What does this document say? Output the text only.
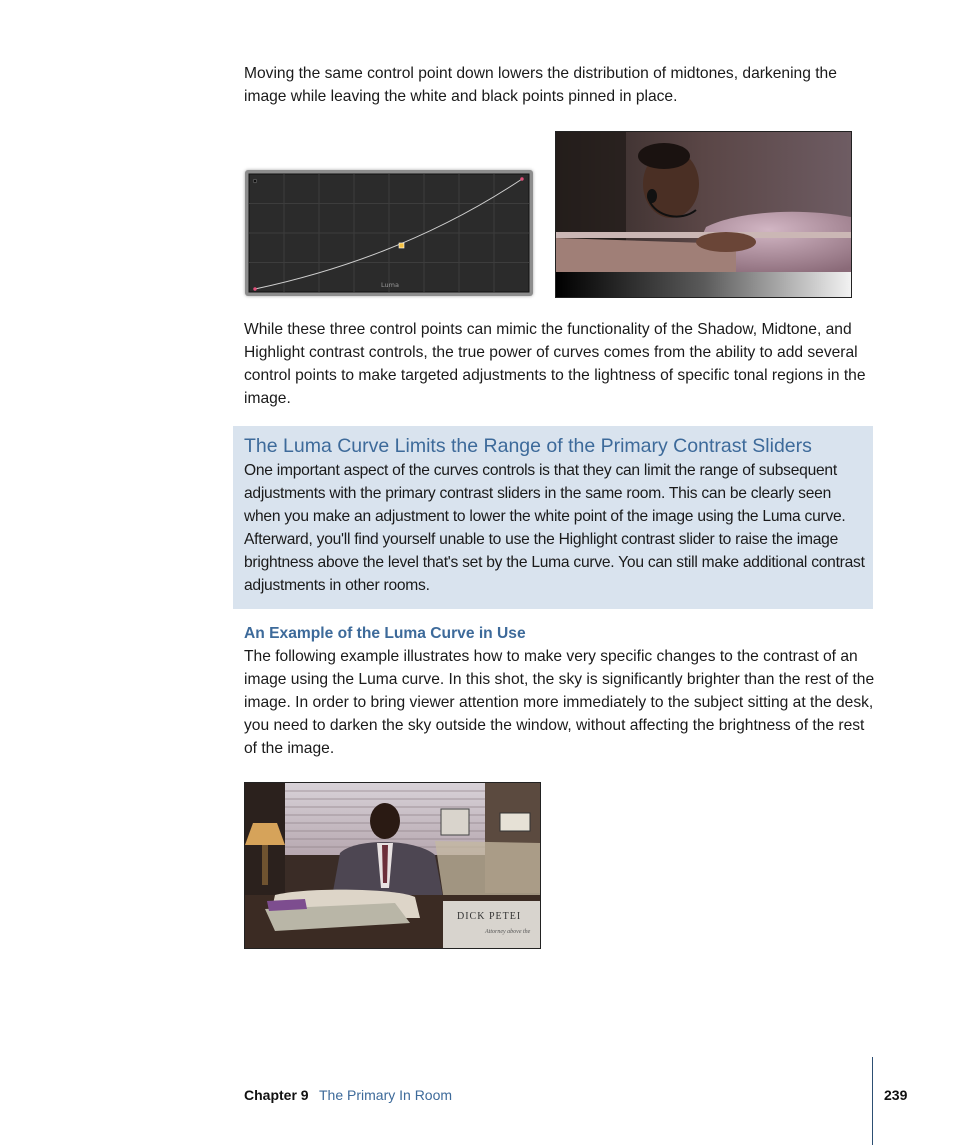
Moving the same control point down lowers the distribution of midtones, darkening the image while leaving the white and black points pinned in place.

Luma

While these three control points can mimic the functionality of the Shadow, Midtone, and Highlight contrast controls, the true power of curves comes from the ability to add several control points to make targeted adjustments to the lightness of specific tonal regions in the image.

The Luma Curve Limits the Range of the Primary Contrast Sliders

One important aspect of the curves controls is that they can limit the range of subsequent adjustments with the primary contrast sliders in the same room. This can be clearly seen when you make an adjustment to lower the white point of the image using the Luma curve. Afterward, you'll find yourself unable to use the Highlight contrast slider to raise the image brightness above the level that's set by the Luma curve. You can still make additional contrast adjustments in other rooms.

An Example of the Luma Curve in Use

The following example illustrates how to make very specific changes to the contrast of an image using the Luma curve. In this shot, the sky is significantly brighter than the rest of the image. In order to bring viewer attention more immediately to the subject sitting at the desk, you need to darken the sky outside the window, without affecting the brightness of the rest of the image.

DICK PETEI
Attorney above the

Chapter 9 The Primary In Room	239
